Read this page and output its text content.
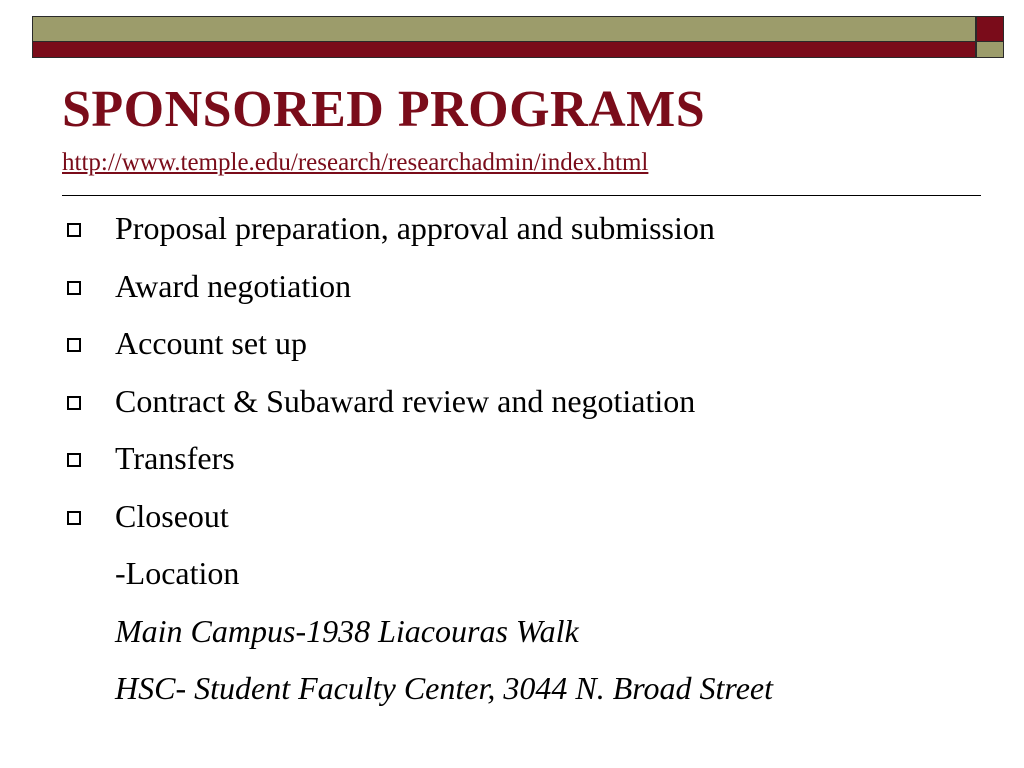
SPONSORED PROGRAMS
http://www.temple.edu/research/researchadmin/index.html
Proposal preparation, approval and submission
Award negotiation
Account set up
Contract & Subaward review and negotiation
Transfers
Closeout
-Location
Main Campus-1938 Liacouras Walk
HSC- Student Faculty Center, 3044 N. Broad Street
